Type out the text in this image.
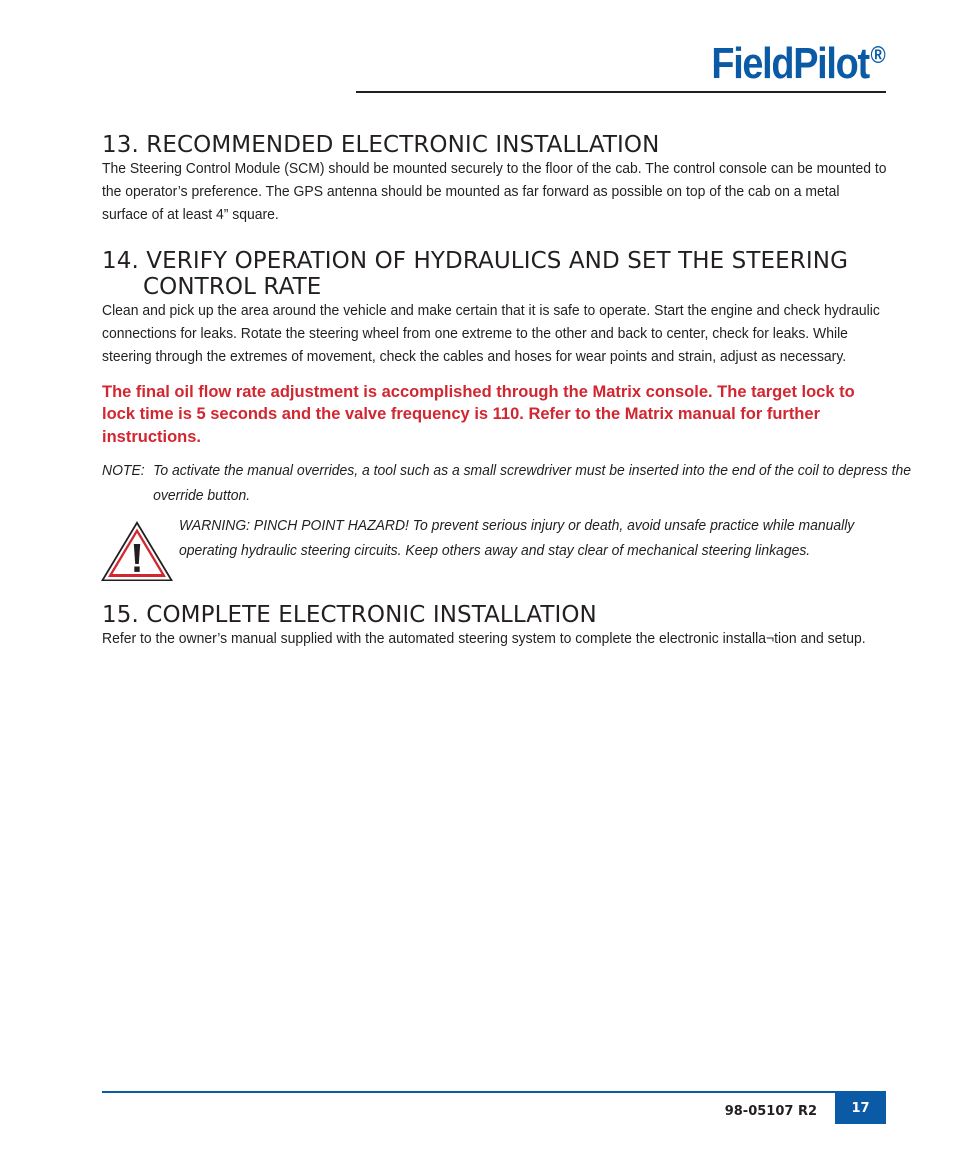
FieldPilot®
13. RECOMMENDED ELECTRONIC INSTALLATION

The Steering Control Module (SCM) should be mounted securely to the floor of the cab. The control console can be mounted to the operator’s preference. The GPS antenna should be mounted as far forward as possible on top of the cab on a metal surface of at least 4” square.

14. VERIFY OPERATION OF HYDRAULICS AND SET THE STEERING CONTROL RATE

Clean and pick up the area around the vehicle and make certain that it is safe to operate. Start the engine and check hydraulic connections for leaks. Rotate the steering wheel from one extreme to the other and back to center, check for leaks. While steering through the extremes of movement, check the cables and hoses for wear points and strain, adjust as necessary.

The final oil flow rate adjustment is accomplished through the Matrix console. The target lock to lock time is 5 seconds and the valve frequency is 110. Refer to the Matrix manual for further instructions.

NOTE: To activate the manual overrides, a tool such as a small screwdriver must be inserted into the end of the coil to depress the override button.
WARNING: PINCH POINT HAZARD! To prevent serious injury or death, avoid unsafe practice while manually operating hydraulic steering circuits. Keep others away and stay clear of mechanical steering linkages.
15. COMPLETE ELECTRONIC INSTALLATION

Refer to the owner’s manual supplied with the automated steering system to complete the electronic installa¬tion and setup.

98-05107 R2	17
